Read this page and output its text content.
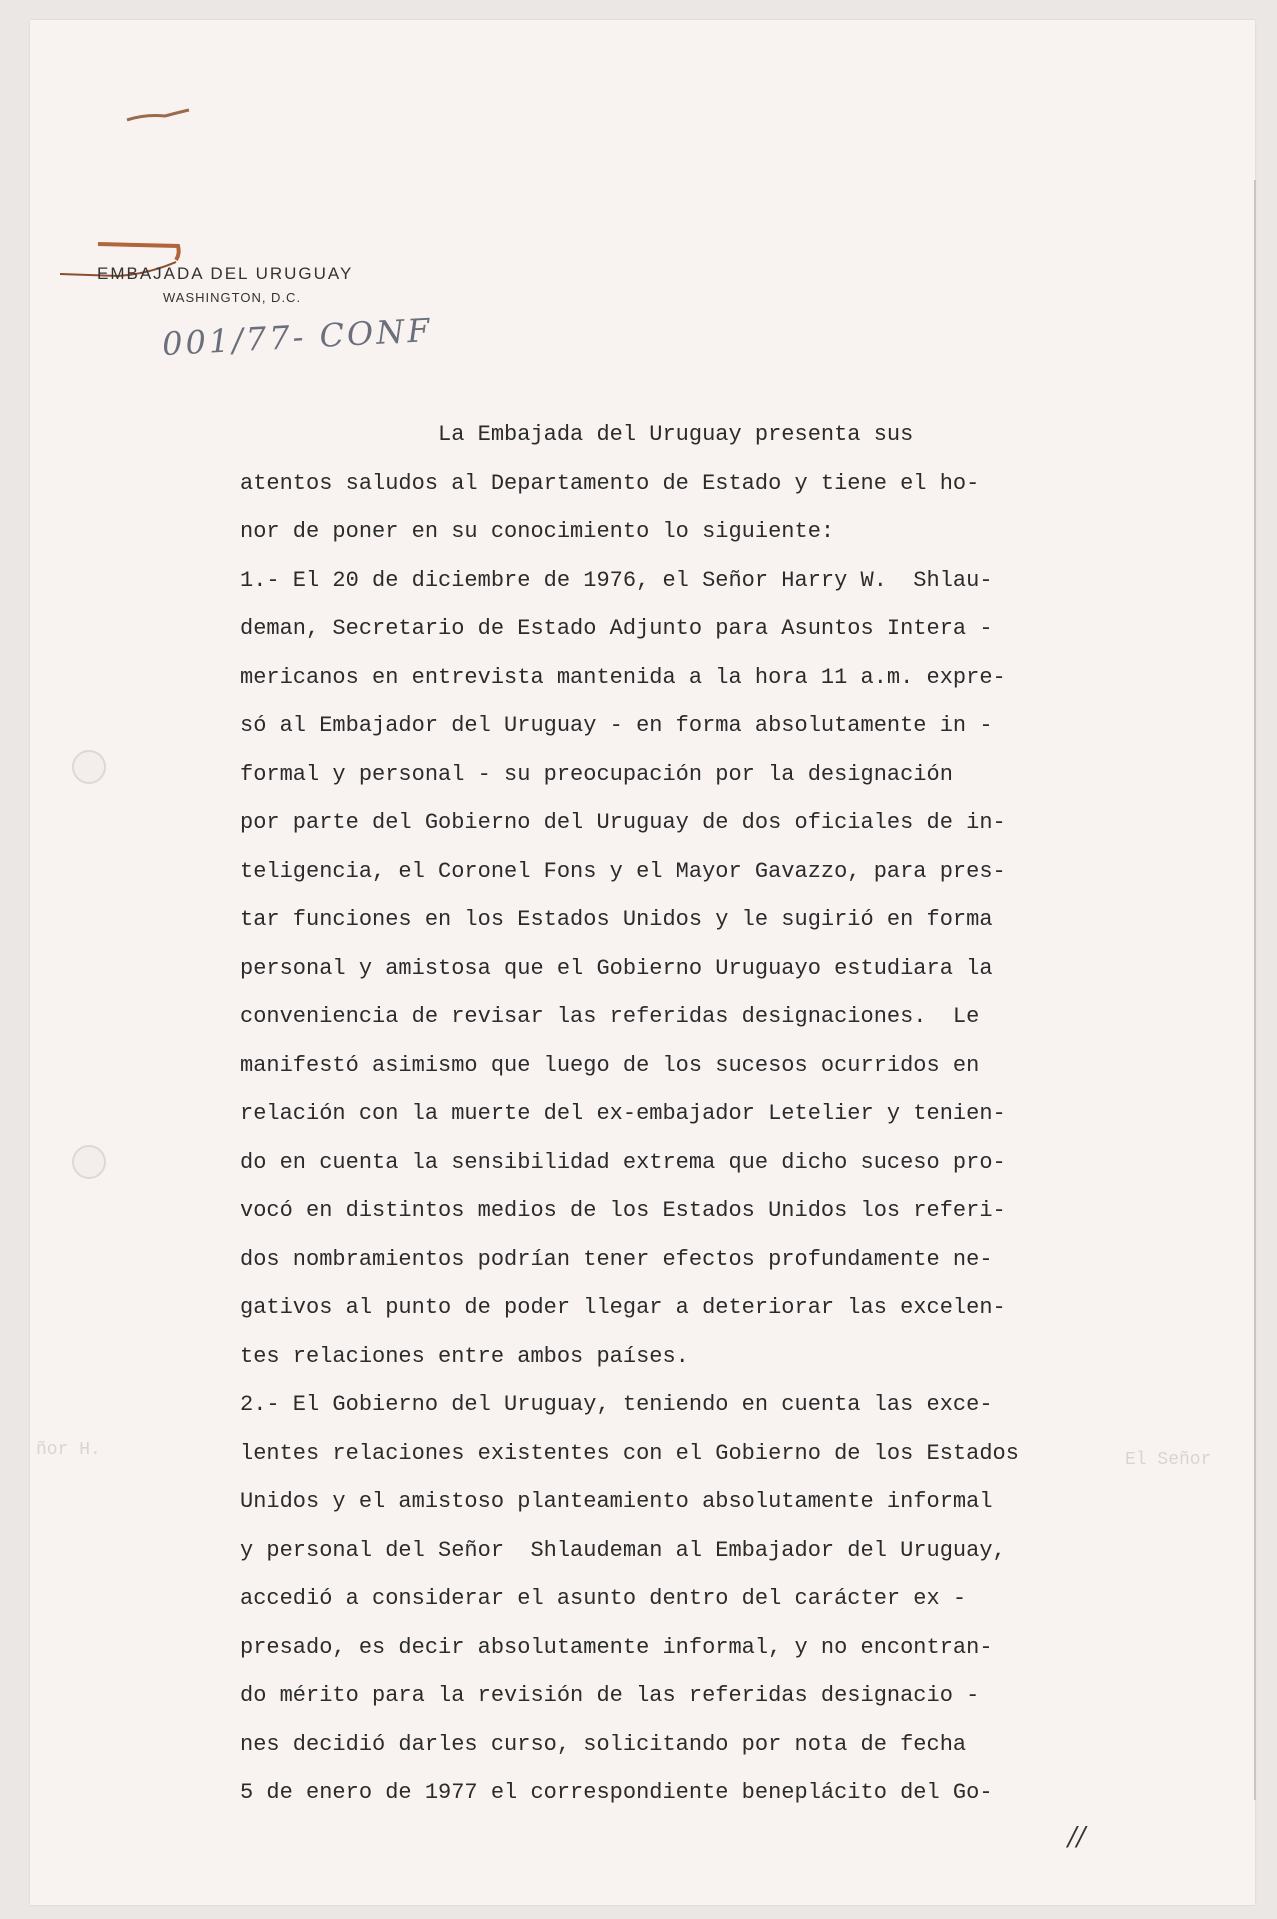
ñor H.	El Señor
EMBAJADA DEL URUGUAY
WASHINGTON, D.C.
001/77- CONF
La Embajada del Uruguay presenta sus
atentos saludos al Departamento de Estado y tiene el ho-
nor de poner en su conocimiento lo siguiente:
1.- El 20 de diciembre de 1976, el Señor Harry W.  Shlau-
deman, Secretario de Estado Adjunto para Asuntos Intera -
mericanos en entrevista mantenida a la hora 11 a.m. expre-
só al Embajador del Uruguay - en forma absolutamente in -
formal y personal - su preocupación por la designación
por parte del Gobierno del Uruguay de dos oficiales de in-
teligencia, el Coronel Fons y el Mayor Gavazzo, para pres-
tar funciones en los Estados Unidos y le sugirió en forma
personal y amistosa que el Gobierno Uruguayo estudiara la
conveniencia de revisar las referidas designaciones.  Le
manifestó asimismo que luego de los sucesos ocurridos en
relación con la muerte del ex-embajador Letelier y tenien-
do en cuenta la sensibilidad extrema que dicho suceso pro-
vocó en distintos medios de los Estados Unidos los referi-
dos nombramientos podrían tener efectos profundamente ne-
gativos al punto de poder llegar a deteriorar las excelen-
tes relaciones entre ambos países.
2.- El Gobierno del Uruguay, teniendo en cuenta las exce-
lentes relaciones existentes con el Gobierno de los Estados
Unidos y el amistoso planteamiento absolutamente informal
y personal del Señor  Shlaudeman al Embajador del Uruguay,
accedió a considerar el asunto dentro del carácter ex -
presado, es decir absolutamente informal, y no encontran-
do mérito para la revisión de las referidas designacio -
nes decidió darles curso, solicitando por nota de fecha
5 de enero de 1977 el correspondiente beneplácito del Go-
//
